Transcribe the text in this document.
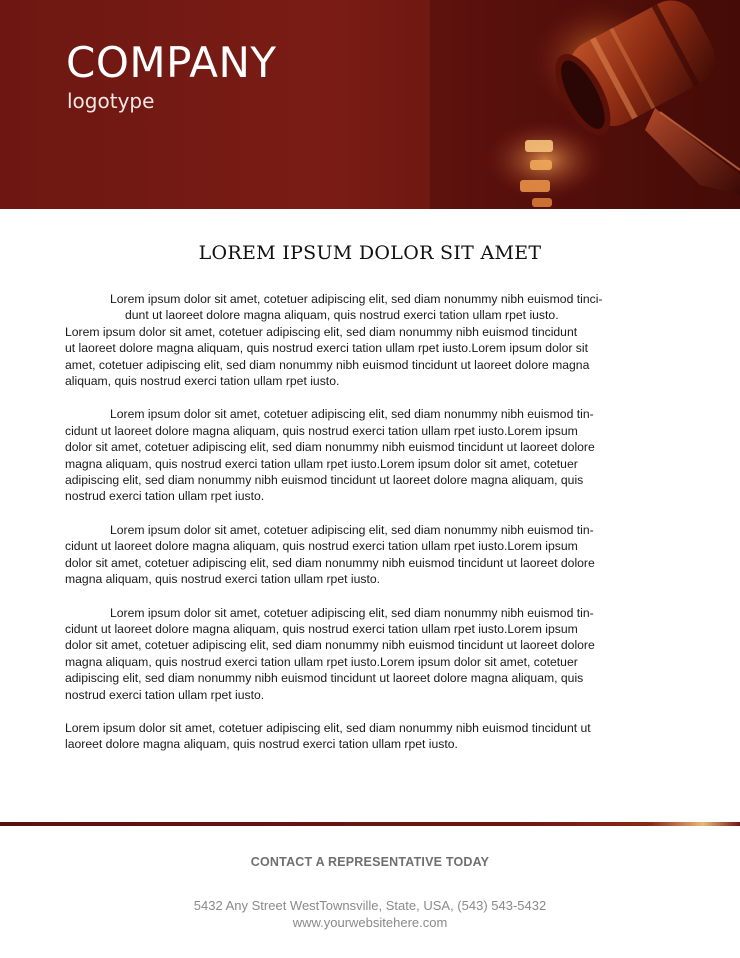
COMPANY
logotype
LOREM IPSUM DOLOR SIT AMET

Lorem ipsum dolor sit amet, cotetuer adipiscing elit, sed diam nonummy nibh euismod tinci-
dunt ut laoreet dolore magna aliquam, quis nostrud exerci tation ullam rpet iusto.
Lorem ipsum dolor sit amet, cotetuer adipiscing elit, sed diam nonummy nibh euismod tincidunt
ut laoreet dolore magna aliquam, quis nostrud exerci tation ullam rpet iusto.Lorem ipsum dolor sit
amet, cotetuer adipiscing elit, sed diam nonummy nibh euismod tincidunt ut laoreet dolore magna
aliquam, quis nostrud exerci tation ullam rpet iusto.

Lorem ipsum dolor sit amet, cotetuer adipiscing elit, sed diam nonummy nibh euismod tin-
cidunt ut laoreet dolore magna aliquam, quis nostrud exerci tation ullam rpet iusto.Lorem ipsum
dolor sit amet, cotetuer adipiscing elit, sed diam nonummy nibh euismod tincidunt ut laoreet dolore
magna aliquam, quis nostrud exerci tation ullam rpet iusto.Lorem ipsum dolor sit amet, cotetuer
adipiscing elit, sed diam nonummy nibh euismod tincidunt ut laoreet dolore magna aliquam, quis
nostrud exerci tation ullam rpet iusto.

Lorem ipsum dolor sit amet, cotetuer adipiscing elit, sed diam nonummy nibh euismod tin-
cidunt ut laoreet dolore magna aliquam, quis nostrud exerci tation ullam rpet iusto.Lorem ipsum
dolor sit amet, cotetuer adipiscing elit, sed diam nonummy nibh euismod tincidunt ut laoreet dolore
magna aliquam, quis nostrud exerci tation ullam rpet iusto.

Lorem ipsum dolor sit amet, cotetuer adipiscing elit, sed diam nonummy nibh euismod tin-
cidunt ut laoreet dolore magna aliquam, quis nostrud exerci tation ullam rpet iusto.Lorem ipsum
dolor sit amet, cotetuer adipiscing elit, sed diam nonummy nibh euismod tincidunt ut laoreet dolore
magna aliquam, quis nostrud exerci tation ullam rpet iusto.Lorem ipsum dolor sit amet, cotetuer
adipiscing elit, sed diam nonummy nibh euismod tincidunt ut laoreet dolore magna aliquam, quis
nostrud exerci tation ullam rpet iusto.

Lorem ipsum dolor sit amet, cotetuer adipiscing elit, sed diam nonummy nibh euismod tincidunt ut
laoreet dolore magna aliquam, quis nostrud exerci tation ullam rpet iusto.

CONTACT A REPRESENTATIVE TODAY
5432 Any Street WestTownsville, State, USA, (543) 543-5432
www.yourwebsitehere.com
